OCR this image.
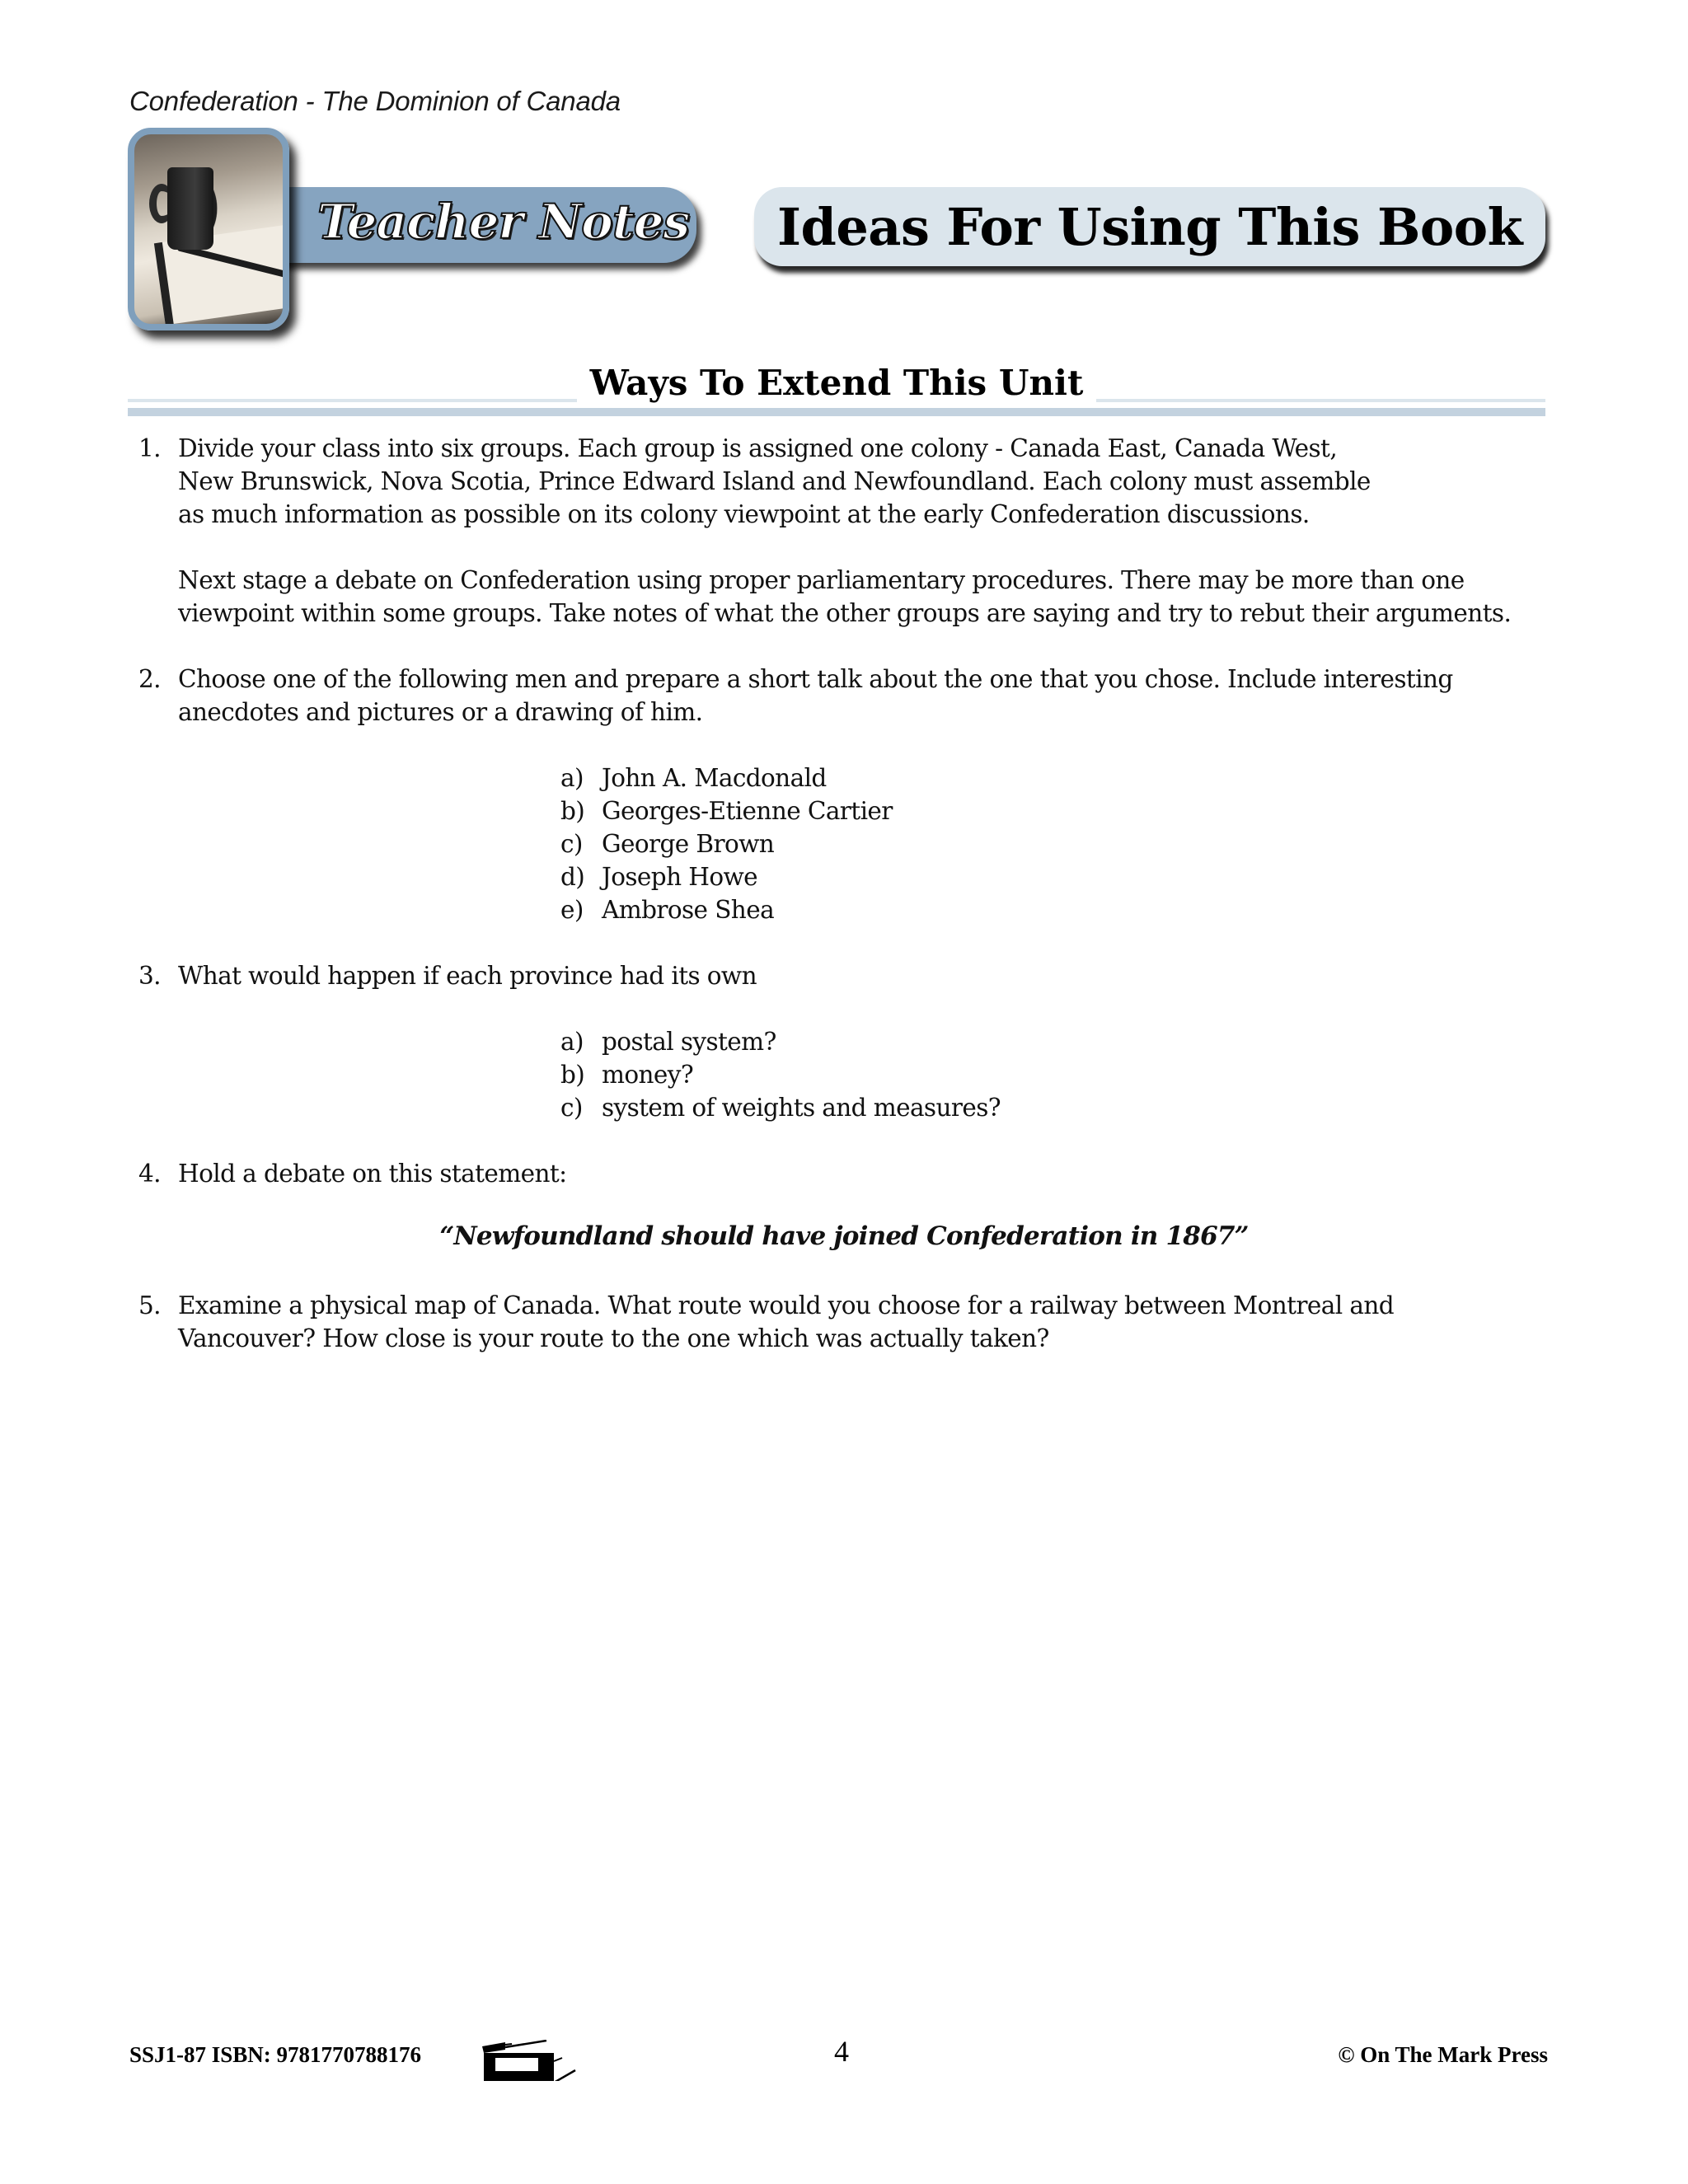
Confederation - The Dominion of Canada
Teacher Notes Ideas For Using This Book
Ways To Extend This Unit
1. Divide your class into six groups. Each group is assigned one colony - Canada East, Canada West,
New Brunswick, Nova Scotia, Prince Edward Island and Newfoundland. Each colony must assemble
as much information as possible on its colony viewpoint at the early Confederation discussions.

Next stage a debate on Confederation using proper parliamentary procedures. There may be more than one
viewpoint within some groups. Take notes of what the other groups are saying and try to rebut their arguments.

2. Choose one of the following men and prepare a short talk about the one that you chose. Include interesting
anecdotes and pictures or a drawing of him.
a) John A. Macdonald
b) Georges-Etienne Cartier
c) George Brown
d) Joseph Howe
e) Ambrose Shea
3. What would happen if each province had its own
a) postal system?
b) money?
c) system of weights and measures?
4. Hold a debate on this statement:
“Newfoundland should have joined Confederation in 1867”
5. Examine a physical map of Canada. What route would you choose for a railway between Montreal and
Vancouver? How close is your route to the one which was actually taken?
SSJ1-87 ISBN: 9781770788176	4	© On The Mark Press
